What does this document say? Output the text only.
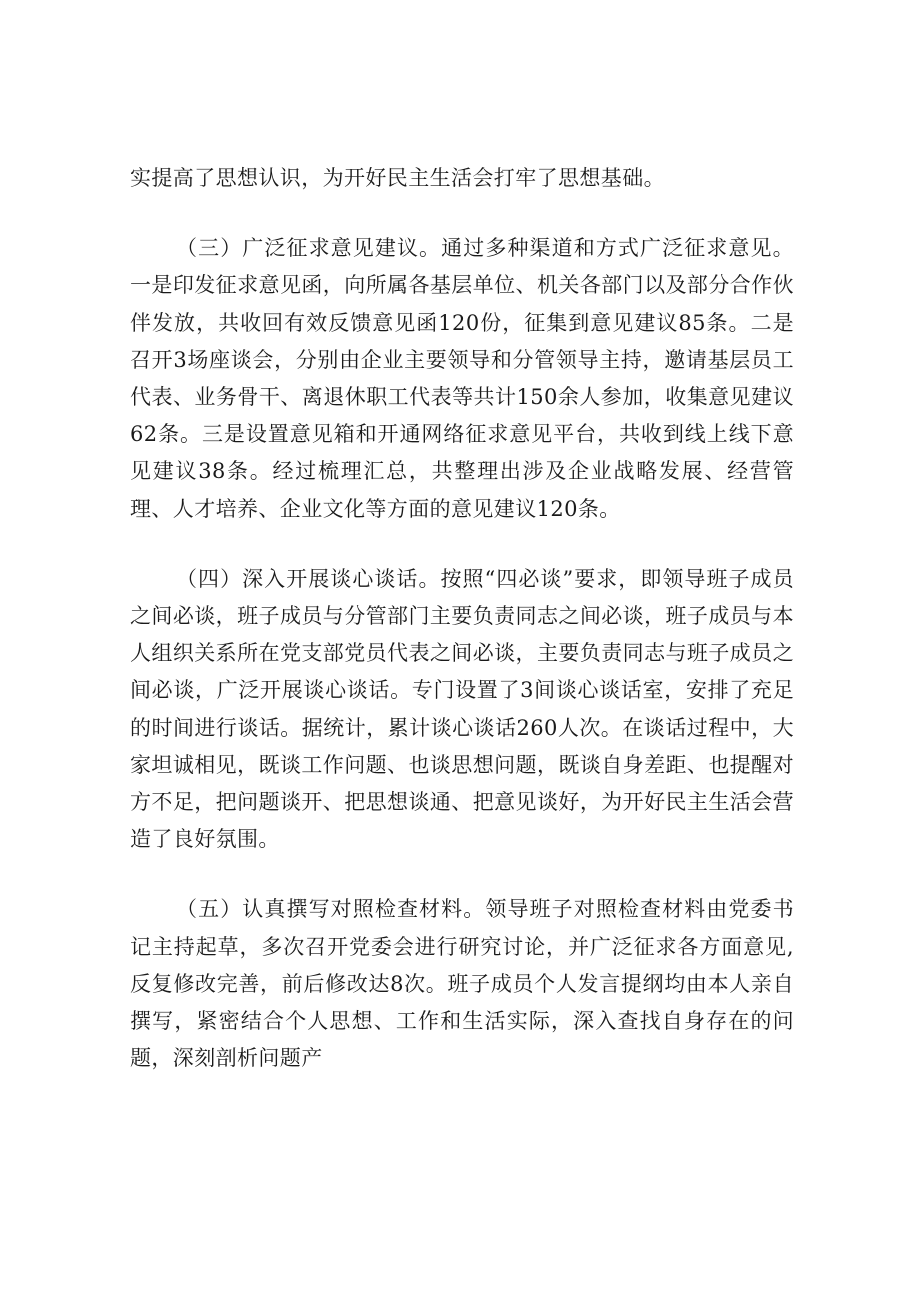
实提高了思想认识，为开好民主生活会打牢了思想基础。

（三）广泛征求意见建议。通过多种渠道和方式广泛征求意见。一是印发征求意见函，向所属各基层单位、机关各部门以及部分合作伙伴发放，共收回有效反馈意见函120份，征集到意见建议85条。二是召开3场座谈会，分别由企业主要领导和分管领导主持，邀请基层员工代表、业务骨干、离退休职工代表等共计150余人参加，收集意见建议62条。三是设置意见箱和开通网络征求意见平台，共收到线上线下意见建议38条。经过梳理汇总，共整理出涉及企业战略发展、经营管理、人才培养、企业文化等方面的意见建议120条。

（四）深入开展谈心谈话。按照“四必谈”要求，即领导班子成员之间必谈，班子成员与分管部门主要负责同志之间必谈，班子成员与本人组织关系所在党支部党员代表之间必谈，主要负责同志与班子成员之间必谈，广泛开展谈心谈话。专门设置了3间谈心谈话室，安排了充足的时间进行谈话。据统计，累计谈心谈话260人次。在谈话过程中，大家坦诚相见，既谈工作问题、也谈思想问题，既谈自身差距、也提醒对方不足，把问题谈开、把思想谈通、把意见谈好，为开好民主生活会营造了良好氛围。

（五）认真撰写对照检查材料。领导班子对照检查材料由党委书记主持起草，多次召开党委会进行研究讨论，并广泛征求各方面意见,反复修改完善，前后修改达8次。班子成员个人发言提纲均由本人亲自撰写，紧密结合个人思想、工作和生活实际，深入查找自身存在的问题，深刻剖析问题产
